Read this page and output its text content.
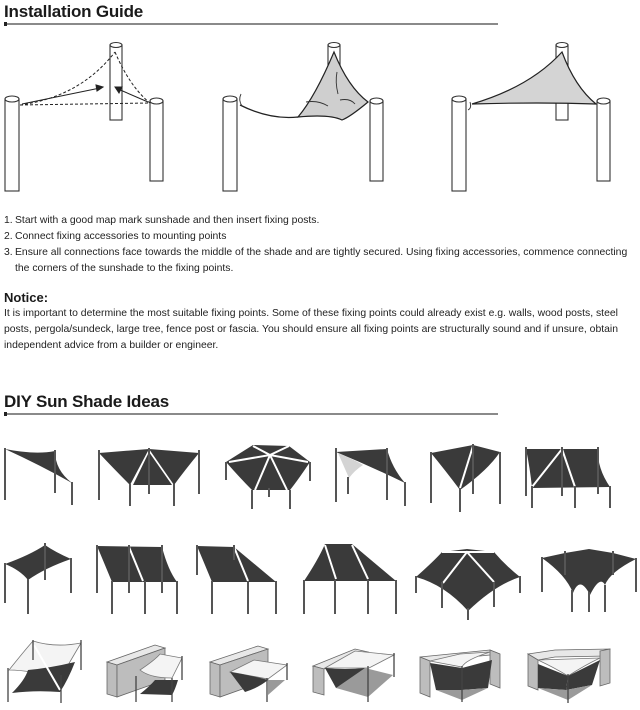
Installation Guide
1. Start with a good map mark sunshade and then insert fixing posts.
2. Connect fixing accessories to mounting points
3. Ensure all connections face towards the middle of the shade and are tightly secured. Using fixing accessories, commence connecting the corners of the sunshade to the fixing points.
Notice:
It is important to determine the most suitable fixing points. Some of these fixing points could already exist e.g. walls, wood posts, steel posts, pergola/sundeck, large tree, fence post or fascia. You should ensure all fixing points are structurally sound and if unsure, obtain independent advice from a builder or engineer.
DIY Sun Shade Ideas
